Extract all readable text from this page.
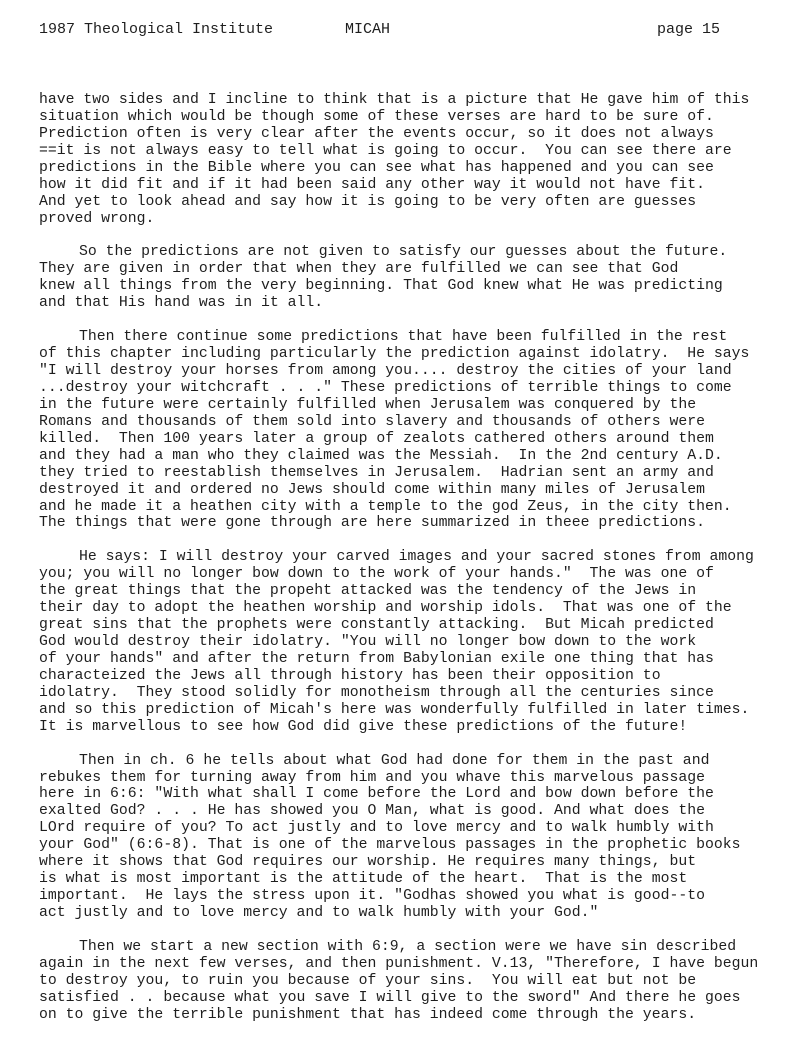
1987 Theological Institute	MICAH	page 15
have two sides and I incline to think that is a picture that He gave him of this
situation which would be though some of these verses are hard to be sure of.
Prediction often is very clear after the events occur, so it does not always
==it is not always easy to tell what is going to occur.  You can see there are
predictions in the Bible where you can see what has happened and you can see
how it did fit and if it had been said any other way it would not have fit.
And yet to look ahead and say how it is going to be very often are guesses
proved wrong.
So the predictions are not given to satisfy our guesses about the future.
They are given in order that when they are fulfilled we can see that God
knew all things from the very beginning. That God knew what He was predicting
and that His hand was in it all.
Then there continue some predictions that have been fulfilled in the rest
of this chapter including particularly the prediction against idolatry.  He says
"I will destroy your horses from among you.... destroy the cities of your land
...destroy your witchcraft . . ." These predictions of terrible things to come
in the future were certainly fulfilled when Jerusalem was conquered by the
Romans and thousands of them sold into slavery and thousands of others were
killed.  Then 100 years later a group of zealots cathered others around them
and they had a man who they claimed was the Messiah.  In the 2nd century A.D.
they tried to reestablish themselves in Jerusalem.  Hadrian sent an army and
destroyed it and ordered no Jews should come within many miles of Jerusalem
and he made it a heathen city with a temple to the god Zeus, in the city then.
The things that were gone through are here summarized in theee predictions.
He says: I will destroy your carved images and your sacred stones from among
you; you will no longer bow down to the work of your hands."  The was one of
the great things that the propeht attacked was the tendency of the Jews in
their day to adopt the heathen worship and worship idols.  That was one of the
great sins that the prophets were constantly attacking.  But Micah predicted
God would destroy their idolatry. "You will no longer bow down to the work
of your hands" and after the return from Babylonian exile one thing that has
characteized the Jews all through history has been their opposition to
idolatry.  They stood solidly for monotheism through all the centuries since
and so this prediction of Micah's here was wonderfully fulfilled in later times.
It is marvellous to see how God did give these predictions of the future!
Then in ch. 6 he tells about what God had done for them in the past and
rebukes them for turning away from him and you whave this marvelous passage
here in 6:6: "With what shall I come before the Lord and bow down before the
exalted God? . . . He has showed you O Man, what is good. And what does the
LOrd require of you? To act justly and to love mercy and to walk humbly with
your God" (6:6-8). That is one of the marvelous passages in the prophetic books
where it shows that God requires our worship. He requires many things, but
is what is most important is the attitude of the heart.  That is the most
important.  He lays the stress upon it. "Godhas showed you what is good--to
act justly and to love mercy and to walk humbly with your God."
Then we start a new section with 6:9, a section were we have sin described
again in the next few verses, and then punishment. V.13, "Therefore, I have begun
to destroy you, to ruin you because of your sins.  You will eat but not be
satisfied . . because what you save I will give to the sword" And there he goes
on to give the terrible punishment that has indeed come through the years.
